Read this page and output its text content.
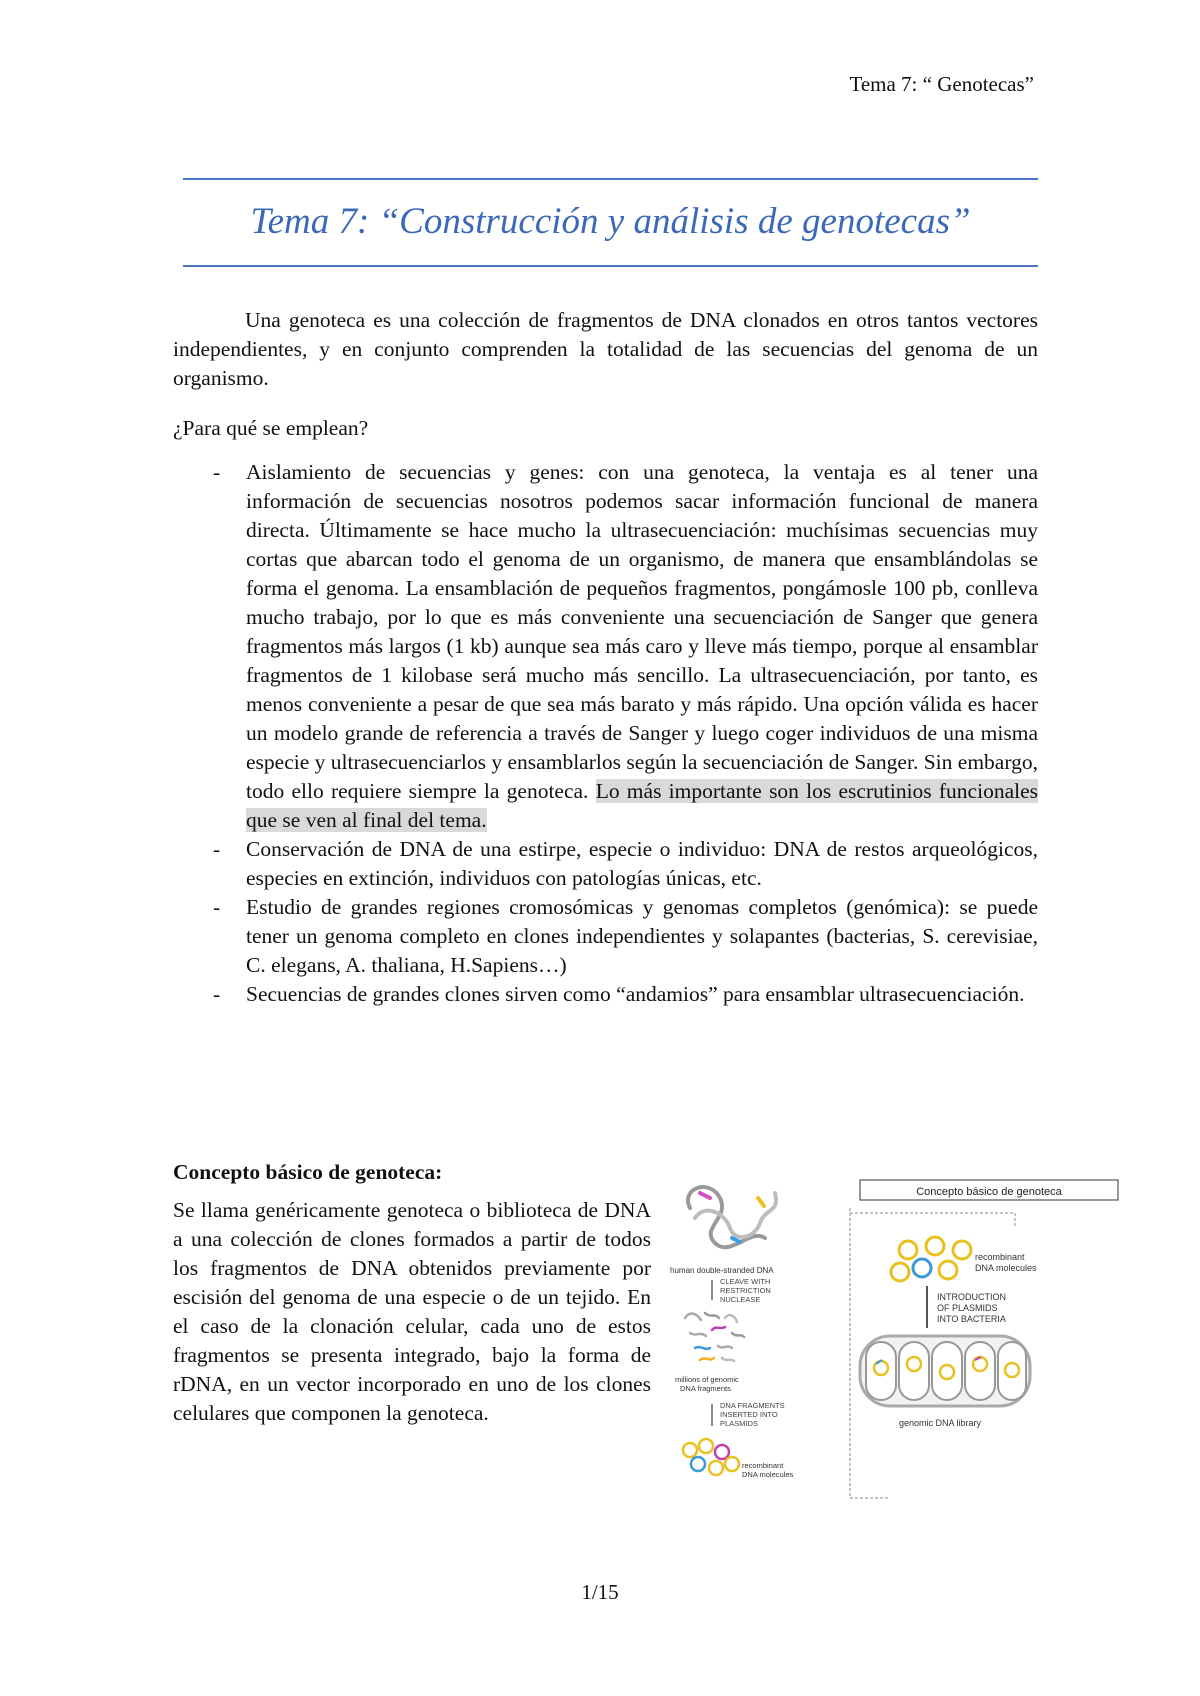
Tema 7: “ Genotecas”
Tema 7: “Construcción y análisis de genotecas”
Una genoteca es una colección de fragmentos de DNA clonados en otros tantos vectores independientes, y en conjunto comprenden la totalidad de las secuencias del genoma de un organismo.
¿Para qué se emplean?
- Aislamiento de secuencias y genes: con una genoteca, la ventaja es al tener una información de secuencias nosotros podemos sacar información funcional de manera directa. Últimamente se hace mucho la ultrasecuenciación: muchísimas secuencias muy cortas que abarcan todo el genoma de un organismo, de manera que ensamblándolas se forma el genoma. La ensamblación de pequeños fragmentos, pongámosle 100 pb, conlleva mucho trabajo, por lo que es más conveniente una secuenciación de Sanger que genera fragmentos más largos (1 kb) aunque sea más caro y lleve más tiempo, porque al ensamblar fragmentos de 1 kilobase será mucho más sencillo. La ultrasecuenciación, por tanto, es menos conveniente a pesar de que sea más barato y más rápido. Una opción válida es hacer un modelo grande de referencia a través de Sanger y luego coger individuos de una misma especie y ultrasecuenciarlos y ensamblarlos según la secuenciación de Sanger. Sin embargo, todo ello requiere siempre la genoteca. Lo más importante son los escrutinios funcionales que se ven al final del tema.
- Conservación de DNA de una estirpe, especie o individuo: DNA de restos arqueológicos, especies en extinción, individuos con patologías únicas, etc.
- Estudio de grandes regiones cromosómicas y genomas completos (genómica): se puede tener un genoma completo en clones independientes y solapantes (bacterias, S. cerevisiae, C. elegans, A. thaliana, H.Sapiens…)
- Secuencias de grandes clones sirven como “andamios” para ensamblar ultrasecuenciación.
Concepto básico de genoteca:
Se llama genéricamente genoteca o biblioteca de DNA a una colección de clones formados a partir de todos los fragmentos de DNA obtenidos previamente por escisión del genoma de una especie o de un tejido. En el caso de la clonación celular, cada uno de estos fragmentos se presenta integrado, bajo la forma de rDNA, en un vector incorporado en uno de los clones celulares que componen la genoteca.
Concepto básico de genoteca
human double-stranded DNA
CLEAVE WITH RESTRICTION NUCLEASE
millions of genomic DNA fragments
DNA FRAGMENTS INSERTED INTO PLASMIDS
recombinant DNA molecules
recombinant DNA molecules
INTRODUCTION OF PLASMIDS INTO BACTERIA
genomic DNA library
1/15
